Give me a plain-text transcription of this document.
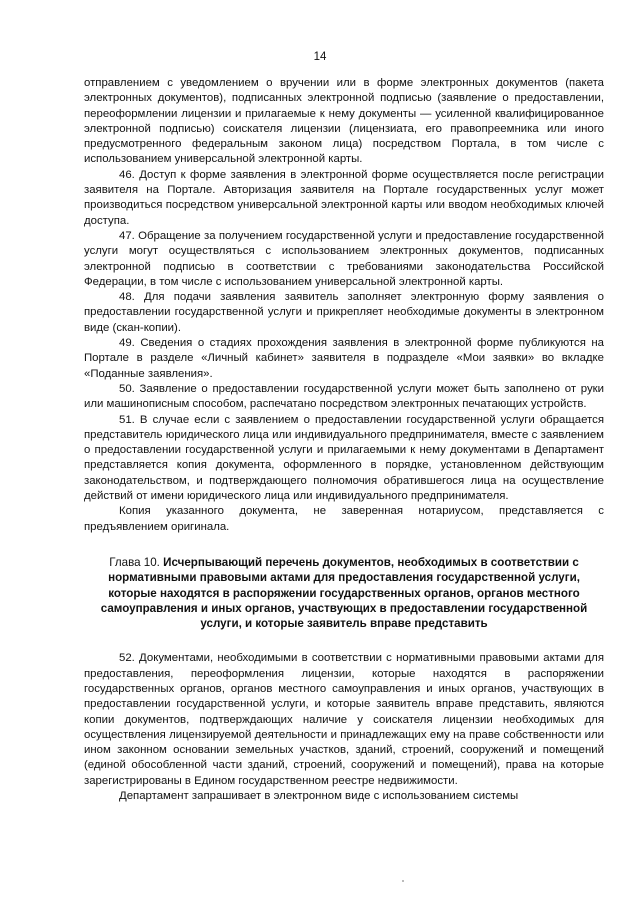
14

отправлением с уведомлением о вручении или в форме электронных документов (пакета электронных документов), подписанных электронной подписью (заявление о предоставлении, переоформлении лицензии и прилагаемые к нему документы — усиленной квалифицированное электронной подписью) соискателя лицензии (лицензиата, его правопреемника или иного предусмотренного федеральным законом лица) посредством Портала, в том числе с использованием универсальной электронной карты.

46. Доступ к форме заявления в электронной форме осуществляется после регистрации заявителя на Портале. Авторизация заявителя на Портале государственных услуг может производиться посредством универсальной электронной карты или вводом необходимых ключей доступа.

47. Обращение за получением государственной услуги и предоставление государственной услуги могут осуществляться с использованием электронных документов, подписанных электронной подписью в соответствии с требованиями законодательства Российской Федерации, в том числе с использованием универсальной электронной карты.

48. Для подачи заявления заявитель заполняет электронную форму заявления о предоставлении государственной услуги и прикрепляет необходимые документы в электронном виде (скан-копии).

49. Сведения о стадиях прохождения заявления в электронной форме публикуются на Портале в разделе «Личный кабинет» заявителя в подразделе «Мои заявки» во вкладке «Поданные заявления».

50. Заявление о предоставлении государственной услуги может быть заполнено от руки или машинописным способом, распечатано посредством электронных печатающих устройств.

51. В случае если с заявлением о предоставлении государственной услуги обращается представитель юридического лица или индивидуального предпринимателя, вместе с заявлением о предоставлении государственной услуги и прилагаемыми к нему документами в Департамент представляется копия документа, оформленного в порядке, установленном действующим законодательством, и подтверждающего полномочия обратившегося лица на осуществление действий от имени юридического лица или индивидуального предпринимателя.

Копия указанного документа, не заверенная нотариусом, представляется с предъявлением оригинала.

Глава 10. Исчерпывающий перечень документов, необходимых в соответствии с нормативными правовыми актами для предоставления государственной услуги, которые находятся в распоряжении государственных органов, органов местного самоуправления и иных органов, участвующих в предоставлении государственной услуги, и которые заявитель вправе представить

52. Документами, необходимыми в соответствии с нормативными правовыми актами для предоставления, переоформления лицензии, которые находятся в распоряжении государственных органов, органов местного самоуправления и иных органов, участвующих в предоставлении государственной услуги, и которые заявитель вправе представить, являются копии документов, подтверждающих наличие у соискателя лицензии необходимых для осуществления лицензируемой деятельности и принадлежащих ему на праве собственности или ином законном основании земельных участков, зданий, строений, сооружений и помещений (единой обособленной части зданий, строений, сооружений и помещений), права на которые зарегистрированы в Едином государственном реестре недвижимости.

Департамент запрашивает в электронном виде с использованием системы
